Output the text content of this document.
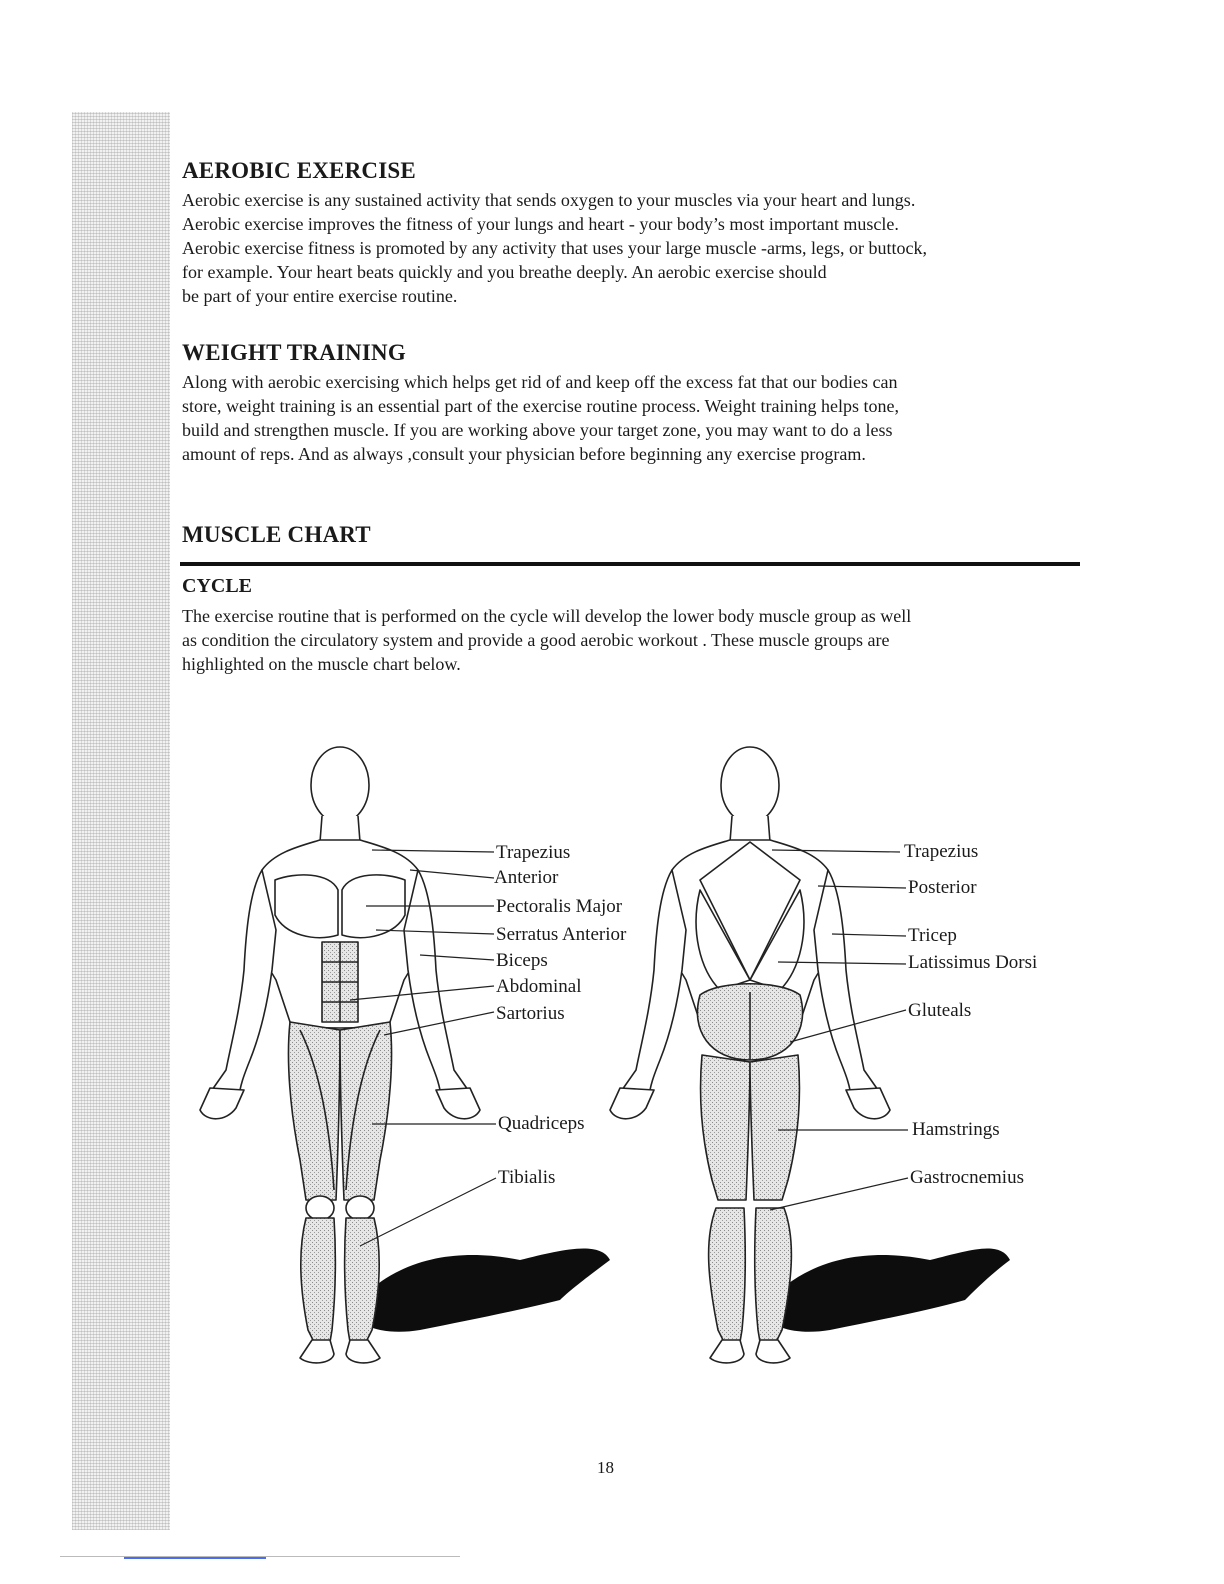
AEROBIC EXERCISE

Aerobic exercise is any sustained activity that sends oxygen to your muscles via your heart and lungs.
Aerobic exercise improves the fitness of your lungs and heart - your body’s most important muscle.
Aerobic exercise fitness is promoted by any activity that uses your large muscle -arms, legs, or buttock,
for example. Your heart beats quickly and you breathe deeply. An aerobic exercise should
be part of your entire exercise routine.

WEIGHT TRAINING

Along with aerobic exercising which helps get rid of and keep off the excess fat that our bodies can
store, weight training is an essential part of the exercise routine process. Weight training helps tone,
build and strengthen muscle. If you are working above your target zone, you may want to do a less
amount of reps. And as always ,consult your physician before beginning any exercise program.

MUSCLE CHART
CYCLE

The exercise routine that is performed on the cycle will develop the lower body muscle group as well
as condition the circulatory system and provide a good aerobic workout . These muscle groups are
highlighted on the muscle chart below.

Trapezius
Anterior
Pectoralis Major
Serratus Anterior
Biceps
Abdominal
Sartorius
Quadriceps
Tibialis
Trapezius
Posterior
Tricep
Latissimus Dorsi
Gluteals
Hamstrings
Gastrocnemius
18
